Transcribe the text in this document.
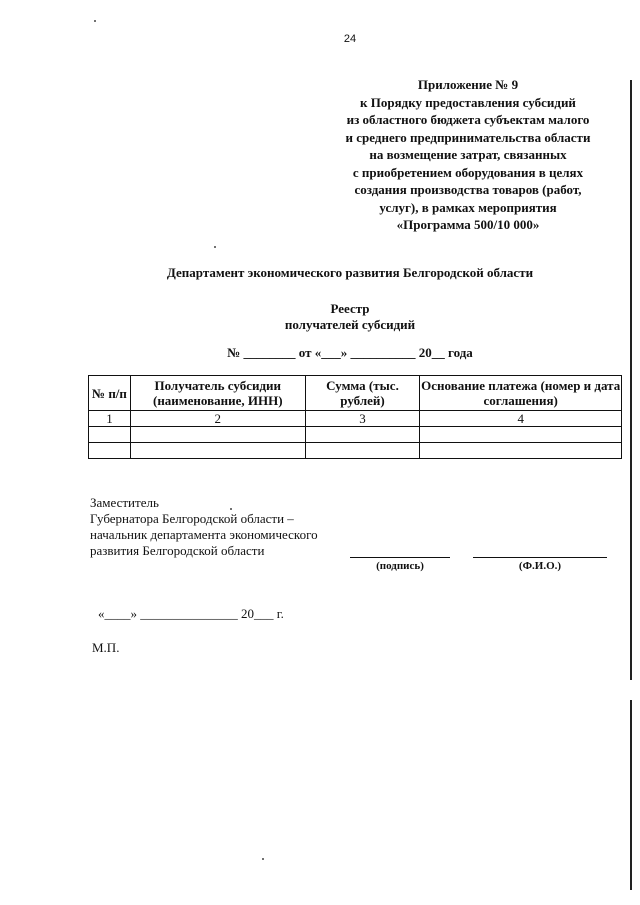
24
Приложение № 9
к Порядку предоставления субсидий
из областного бюджета субъектам малого
и среднего предпринимательства области
на возмещение затрат, связанных
с приобретением оборудования в целях
создания производства товаров (работ,
услуг), в рамках мероприятия
«Программа 500/10 000»
Департамент экономического развития Белгородской области
Реестр
получателей субсидий
№ ________ от «___» __________ 20__ года
№ п/п	Получатель субсидии (наименование, ИНН)	Сумма (тыс. рублей)	Основание платежа (номер и дата соглашения)
1	2	3	4

Заместитель
Губернатора Белгородской области –
начальник департамента экономического
развития Белгородской области
(подпись)	(Ф.И.О.)
«____» _______________ 20___ г.
М.П.
